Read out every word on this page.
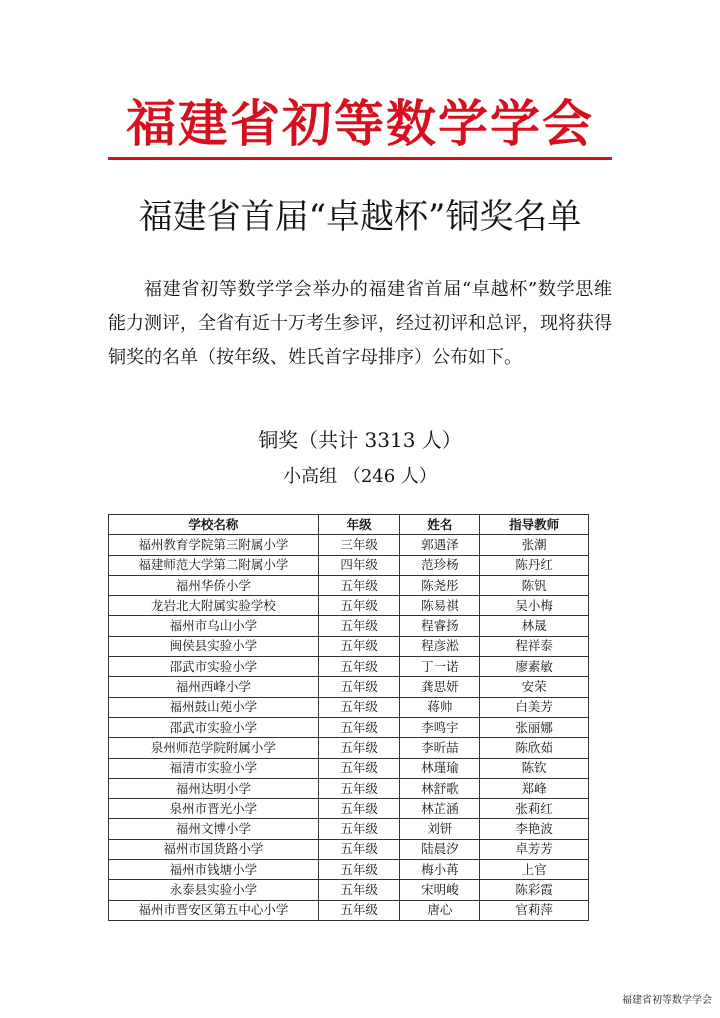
福建省初等数学学会
福建省首届“卓越杯”铜奖名单

福建省初等数学学会举办的福建省首届“卓越杯”数学思维能力测评，全省有近十万考生参评，经过初评和总评，现将获得铜奖的名单（按年级、姓氏首字母排序）公布如下。

铜奖（共计 3313 人）
小高组 （246 人）
学校名称	年级	姓名	指导教师
福州教育学院第三附属小学	三年级	郭遇泽	张潮
福建师范大学第二附属小学	四年级	范珍杨	陈丹红
福州华侨小学	五年级	陈尧彤	陈钒
龙岩北大附属实验学校	五年级	陈易祺	吴小梅
福州市乌山小学	五年级	程睿扬	林晟
闽侯县实验小学	五年级	程彦淞	程祥泰
邵武市实验小学	五年级	丁一诺	廖素敏
福州西峰小学	五年级	龚思妍	安荣
福州鼓山苑小学	五年级	蒋帅	白美芳
邵武市实验小学	五年级	李鸣宇	张丽娜
泉州师范学院附属小学	五年级	李昕喆	陈欣茹
福清市实验小学	五年级	林瑾瑜	陈钦
福州达明小学	五年级	林舒歌	郑峰
泉州市晋光小学	五年级	林芷涵	张莉红
福州文博小学	五年级	刘钘	李艳波
福州市国货路小学	五年级	陆晨汐	卓芳芳
福州市钱塘小学	五年级	梅小苒	上官
永泰县实验小学	五年级	宋明峻	陈彩霞
福州市晋安区第五中心小学	五年级	唐心	官莉萍
福建省初等数学学会
